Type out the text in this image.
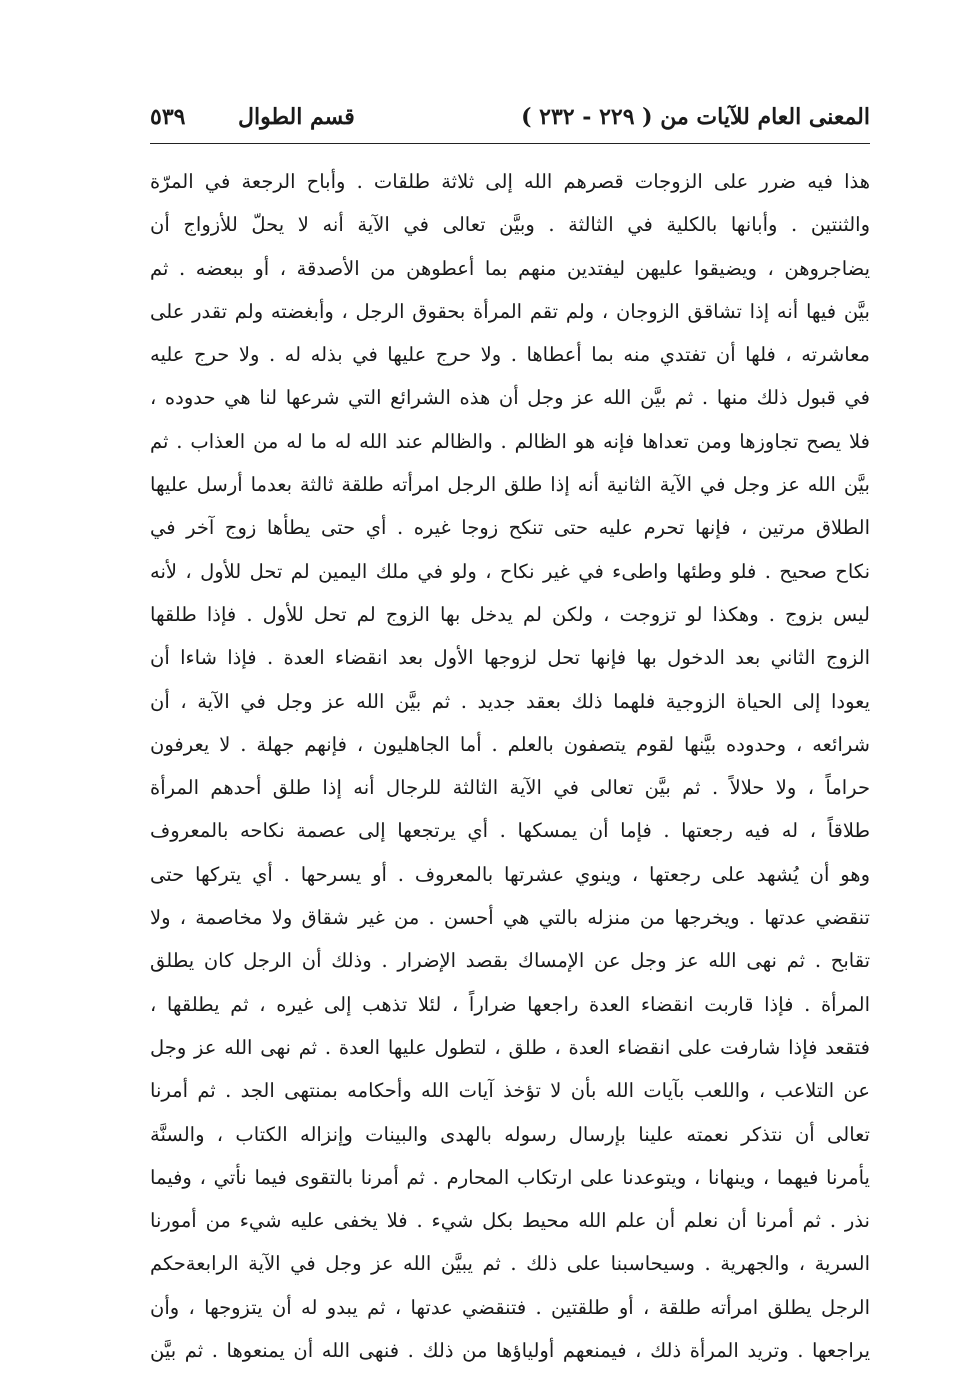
المعنى العام للآيات من ( ٢٢٩ - ٢٣٢ )
قسم الطوال
٥٣٩
هذا فيه ضرر على الزوجات قصرهم الله إلى ثلاثة طلقات . وأباح الرجعة في المرّة
والثنتين . وأبانها بالكلية في الثالثة . وبيَّن تعالى في الآية أنه لا يحلّ للأزواج أن
يضاجروهن ، ويضيقوا عليهن ليفتدين منهم بما أعطوهن من الأصدقة ، أو ببعضه . ثم
بيَّن فيها أنه إذا تشاقق الزوجان ، ولم تقم المرأة بحقوق الرجل ، وأبغضته ولم تقدر على
معاشرته ، فلها أن تفتدي منه بما أعطاها . ولا حرج عليها في بذله له . ولا حرج عليه
في قبول ذلك منها . ثم بيَّن الله عز وجل أن هذه الشرائع التي شرعها لنا هي حدوده ،
فلا يصح تجاوزها ومن تعداها فإنه هو الظالم . والظالم عند الله له ما له من العذاب . ثم
بيَّن الله عز وجل في الآية الثانية أنه إذا طلق الرجل امرأته طلقة ثالثة بعدما أرسل عليها
الطلاق مرتين ، فإنها تحرم عليه حتى تنكح زوجا غيره . أي حتى يطأها زوج آخر في
نكاح صحيح . فلو وطئها واطىء في غير نكاح ، ولو في ملك اليمين لم تحل للأول ، لأنه
ليس بزوج . وهكذا لو تزوجت ، ولكن لم يدخل بها الزوج لم تحل للأول . فإذا طلقها
الزوج الثاني بعد الدخول بها فإنها تحل لزوجها الأول بعد انقضاء العدة . فإذا شاءا أن
يعودا إلى الحياة الزوجية فلهما ذلك بعقد جديد . ثم بيَّن الله عز وجل في الآية ، أن
شرائعه ، وحدوده بيَّنها لقوم يتصفون بالعلم . أما الجاهليون ، فإنهم جهلة . لا يعرفون
حراماً ، ولا حلالاً . ثم بيَّن تعالى في الآية الثالثة للرجال أنه إذا طلق أحدهم المرأة
طلاقاً ، له فيه رجعتها . فإما أن يمسكها . أي يرتجعها إلى عصمة نكاحه بالمعروف
وهو أن يُشهد على رجعتها ، وينوي عشرتها بالمعروف . أو يسرحها . أي يتركها حتى
تنقضي عدتها . ويخرجها من منزله بالتي هي أحسن . من غير شقاق ولا مخاصمة ، ولا
تقابح . ثم نهى الله عز وجل عن الإمساك بقصد الإضرار . وذلك أن الرجل كان يطلق
المرأة . فإذا قاربت انقضاء العدة راجعها ضراراً ، لئلا تذهب إلى غيره ، ثم يطلقها ،
فتقعد فإذا شارفت على انقضاء العدة ، طلق ، لتطول عليها العدة . ثم نهى الله عز وجل
عن التلاعب ، واللعب بآيات الله بأن لا تؤخذ آيات الله وأحكامه بمنتهى الجد . ثم أمرنا
تعالى أن نتذكر نعمته علينا بإرسال رسوله بالهدى والبينات وإنزاله الكتاب ، والسنَّة
يأمرنا فيهما ، وينهانا ، ويتوعدنا على ارتكاب المحارم . ثم أمرنا بالتقوى فيما نأتي ، وفيما
نذر . ثم أمرنا أن نعلم أن علم الله محيط بكل شيء . فلا يخفى عليه شيء من أمورنا
السرية ، والجهرية . وسيحاسبنا على ذلك . ثم يبيَّن الله عز وجل في الآية الرابعةحكم
الرجل يطلق امرأته طلقة ، أو طلقتين . فتنقضي عدتها ، ثم يبدو له أن يتزوجها ، وأن
يراجعها . وتريد المرأة ذلك ، فيمنعهم أولياؤها من ذلك . فنهى الله أن يمنعوها . ثم بيَّن
